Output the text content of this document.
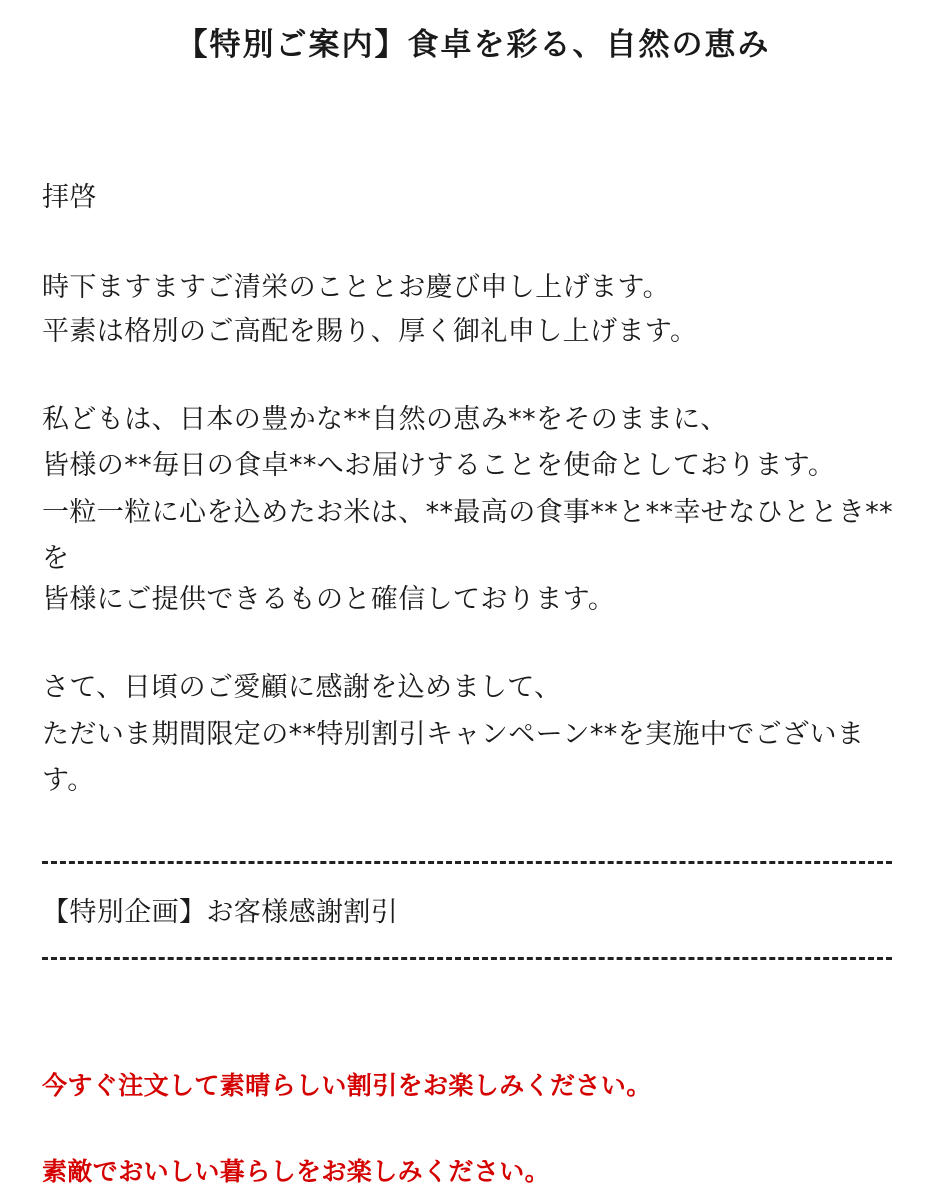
【特別ご案内】食卓を彩る、自然の恵み
拝啓
時下ますますご清栄のこととお慶び申し上げます。
平素は格別のご高配を賜り、厚く御礼申し上げます。
私どもは、日本の豊かな**自然の恵み**をそのままに、
皆様の**毎日の食卓**へお届けすることを使命としております。
一粒一粒に心を込めたお米は、**最高の食事**と**幸せなひととき**を
皆様にご提供できるものと確信しております。
さて、日頃のご愛顧に感謝を込めまして、
ただいま期間限定の**特別割引キャンペーン**を実施中でございます。
【特別企画】お客様感謝割引
今すぐ注文して素晴らしい割引をお楽しみください。
素敵でおいしい暮らしをお楽しみください。
